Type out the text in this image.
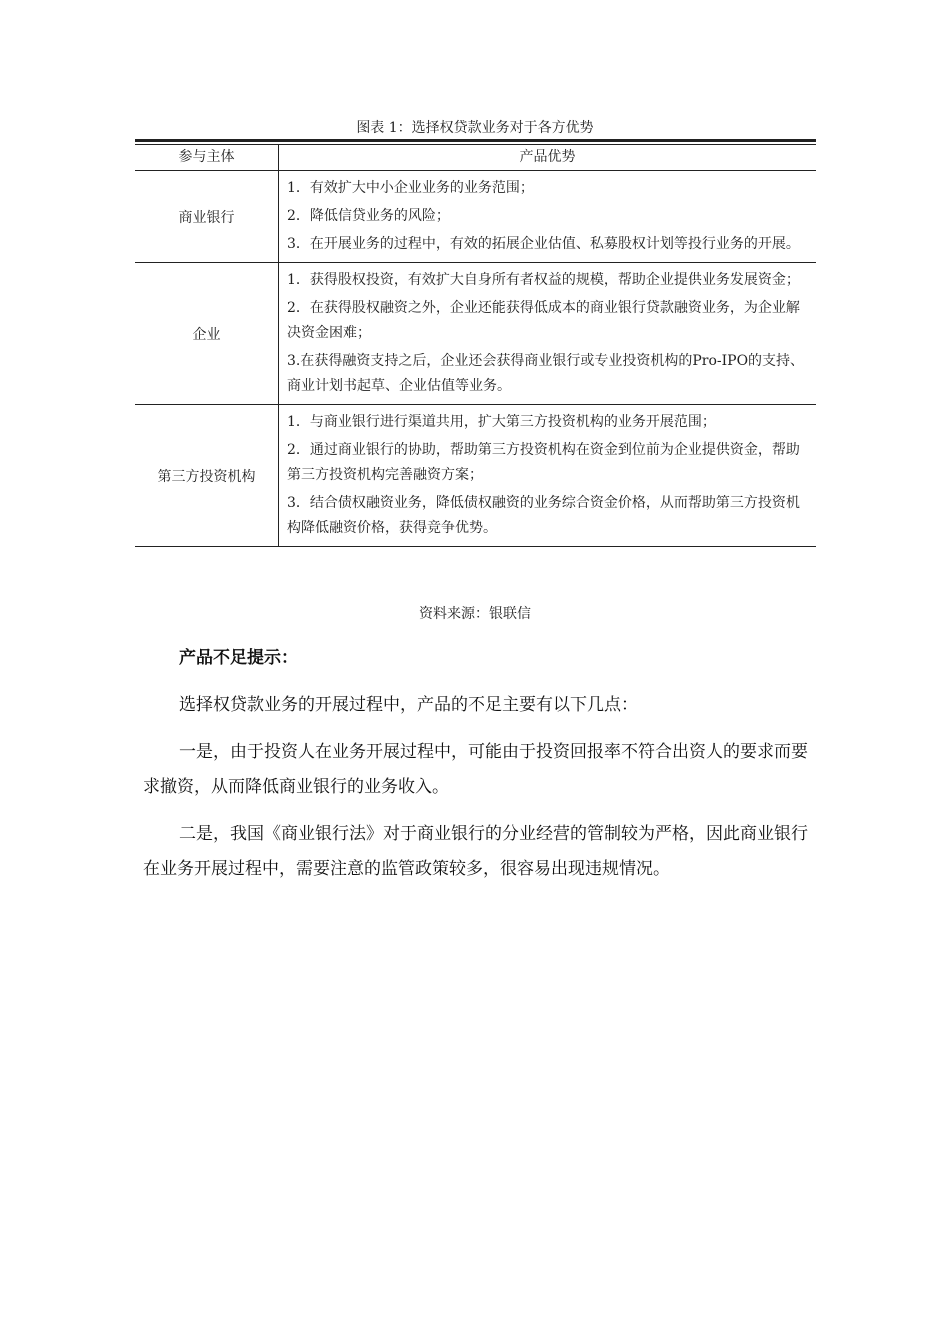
图表 1：选择权贷款业务对于各方优势
参与主体	产品优势
商业银行	1．有效扩大中小企业业务的业务范围；

2．降低信贷业务的风险；

3．在开展业务的过程中，有效的拓展企业估值、私募股权计划等投行业务的开展。

企业	1．获得股权投资，有效扩大自身所有者权益的规模，帮助企业提供业务发展资金；

2．在获得股权融资之外，企业还能获得低成本的商业银行贷款融资业务，为企业解决资金困难；

3.在获得融资支持之后，企业还会获得商业银行或专业投资机构的Pro-IPO的支持、商业计划书起草、企业估值等业务。

第三方投资机构	1．与商业银行进行渠道共用，扩大第三方投资机构的业务开展范围；

2．通过商业银行的协助，帮助第三方投资机构在资金到位前为企业提供资金，帮助第三方投资机构完善融资方案；

3．结合债权融资业务，降低债权融资的业务综合资金价格，从而帮助第三方投资机构降低融资价格，获得竞争优势。

资料来源：银联信
产品不足提示：

选择权贷款业务的开展过程中，产品的不足主要有以下几点：

一是，由于投资人在业务开展过程中，可能由于投资回报率不符合出资人的要求而要求撤资，从而降低商业银行的业务收入。

二是，我国《商业银行法》对于商业银行的分业经营的管制较为严格，因此商业银行在业务开展过程中，需要注意的监管政策较多，很容易出现违规情况。
